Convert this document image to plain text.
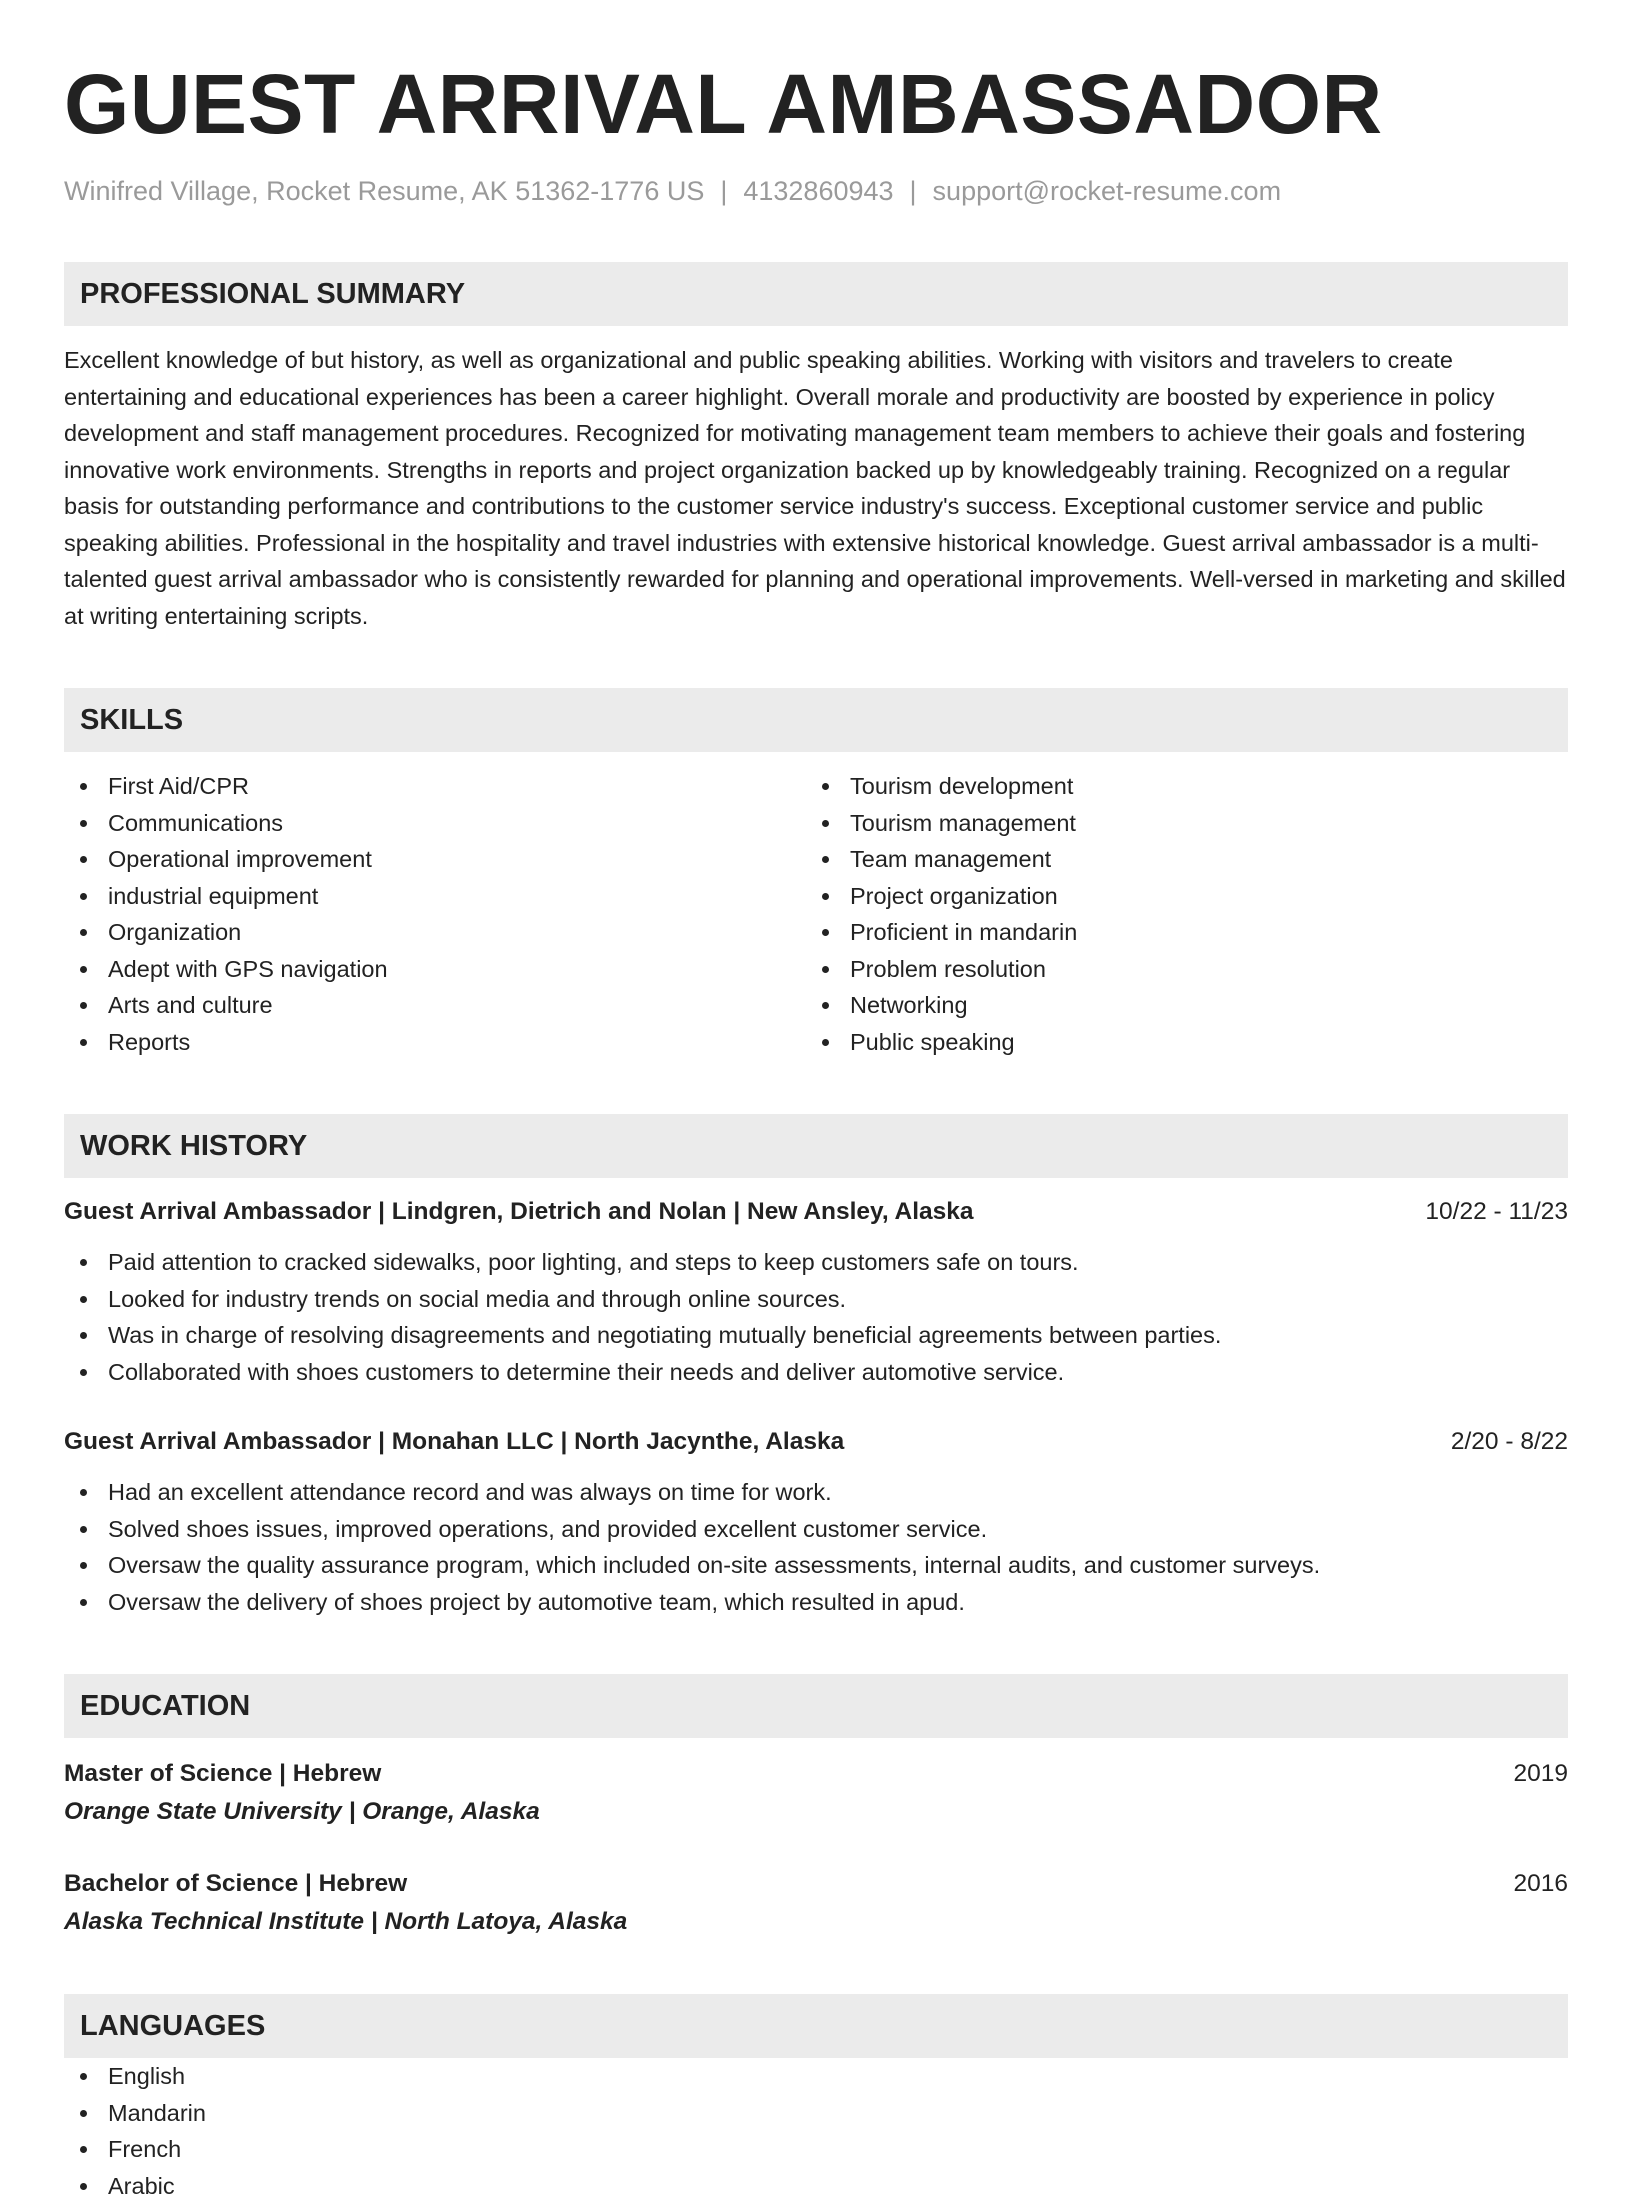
GUEST ARRIVAL AMBASSADOR
Winifred Village, Rocket Resume, AK 51362-1776 US | 4132860943 | support@rocket-resume.com
PROFESSIONAL SUMMARY

Excellent knowledge of but history, as well as organizational and public speaking abilities. Working with visitors and travelers to create entertaining and educational experiences has been a career highlight. Overall morale and productivity are boosted by experience in policy development and staff management procedures. Recognized for motivating management team members to achieve their goals and fostering innovative work environments. Strengths in reports and project organization backed up by knowledgeably training. Recognized on a regular basis for outstanding performance and contributions to the customer service industry's success. Exceptional customer service and public speaking abilities. Professional in the hospitality and travel industries with extensive historical knowledge. Guest arrival ambassador is a multi-talented guest arrival ambassador who is consistently rewarded for planning and operational improvements. Well-versed in marketing and skilled at writing entertaining scripts.

SKILLS
First Aid/CPR
Communications
Operational improvement
industrial equipment
Organization
Adept with GPS navigation
Arts and culture
Reports
Tourism development
Tourism management
Team management
Project organization
Proficient in mandarin
Problem resolution
Networking
Public speaking
WORK HISTORY
Guest Arrival Ambassador | Lindgren, Dietrich and Nolan | New Ansley, Alaska	10/22 - 11/23
Paid attention to cracked sidewalks, poor lighting, and steps to keep customers safe on tours.
Looked for industry trends on social media and through online sources.
Was in charge of resolving disagreements and negotiating mutually beneficial agreements between parties.
Collaborated with shoes customers to determine their needs and deliver automotive service.
Guest Arrival Ambassador | Monahan LLC | North Jacynthe, Alaska	2/20 - 8/22
Had an excellent attendance record and was always on time for work.
Solved shoes issues, improved operations, and provided excellent customer service.
Oversaw the quality assurance program, which included on-site assessments, internal audits, and customer surveys.
Oversaw the delivery of shoes project by automotive team, which resulted in apud.
EDUCATION
Master of Science | Hebrew	2019
Orange State University | Orange, Alaska
Bachelor of Science | Hebrew	2016
Alaska Technical Institute | North Latoya, Alaska
LANGUAGES
English
Mandarin
French
Arabic
